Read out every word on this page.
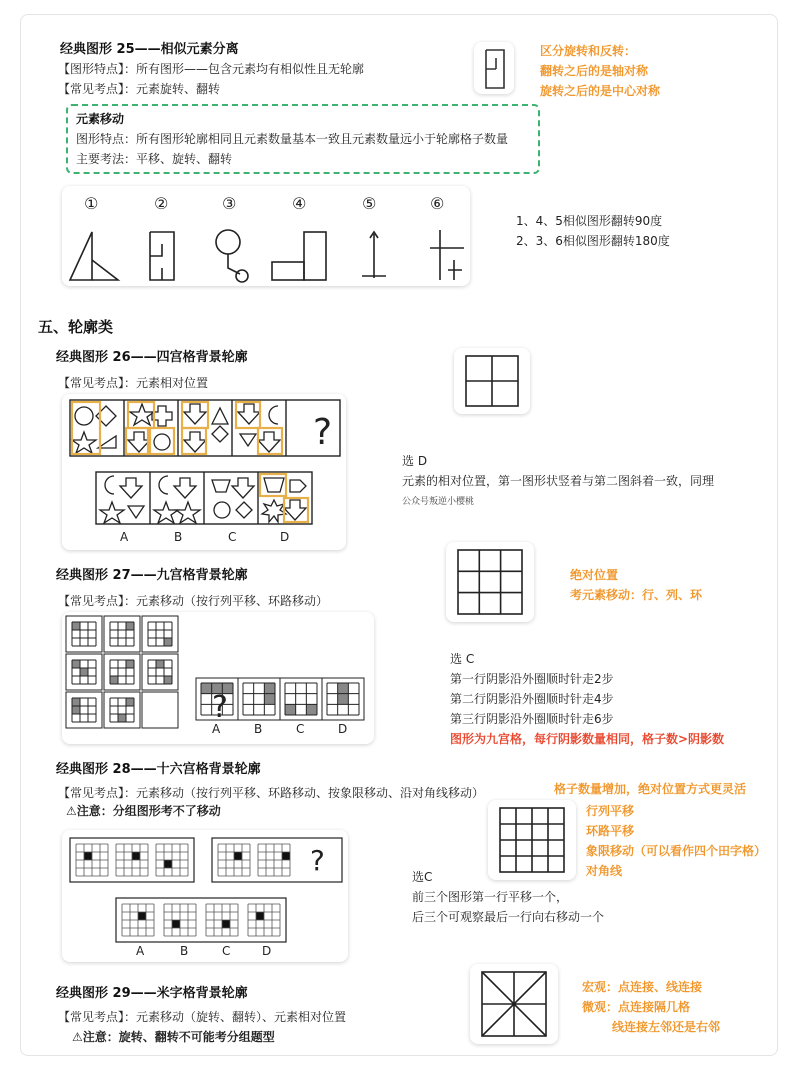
经典图形 25——相似元素分离
【图形特点】：所有图形——包含元素均有相似性且无轮廓
【常见考点】：元素旋转、翻转
区分旋转和反转：
翻转之后的是轴对称
旋转之后的是中心对称
元素移动
图形特点：所有图形轮廓相同且元素数量基本一致且元素数量远小于轮廓格子数量
主要考法：平移、旋转、翻转
①	②	③	④	⑤	⑥
1、4、5相似图形翻转90度
2、3、6相似图形翻转180度
五、轮廓类
经典图形 26——四宫格背景轮廓
【常见考点】：元素相对位置
?
A	B	C	D
选 D
元素的相对位置，第一图形状竖着与第二图斜着一致，同理
公众号叛逆小樱桃
经典图形 27——九宫格背景轮廓
【常见考点】：元素移动（按行列平移、环路移动）
绝对位置
考元素移动：行、列、环
?
A	B	C	D
选 C
第一行阴影沿外圈顺时针走2步
第二行阴影沿外圈顺时针走4步
第三行阴影沿外圈顺时针走6步
图形为九宫格，每行阴影数量相同，格子数>阴影数
经典图形 28——十六宫格背景轮廓
【常见考点】：元素移动（按行列平移、环路移动、按象限移动、沿对角线移动）
⚠注意：分组图形考不了移动
格子数量增加，绝对位置方式更灵活
行列平移
环路平移
象限移动（可以看作四个田字格）
对角线
?
A	B	C	D
选C
前三个图形第一行平移一个，
后三个可观察最后一行向右移动一个
经典图形 29——米字格背景轮廓
【常见考点】：元素移动（旋转、翻转）、元素相对位置
⚠注意：旋转、翻转不可能考分组题型
宏观：点连接、线连接
微观：点连接隔几格
线连接左邻还是右邻
